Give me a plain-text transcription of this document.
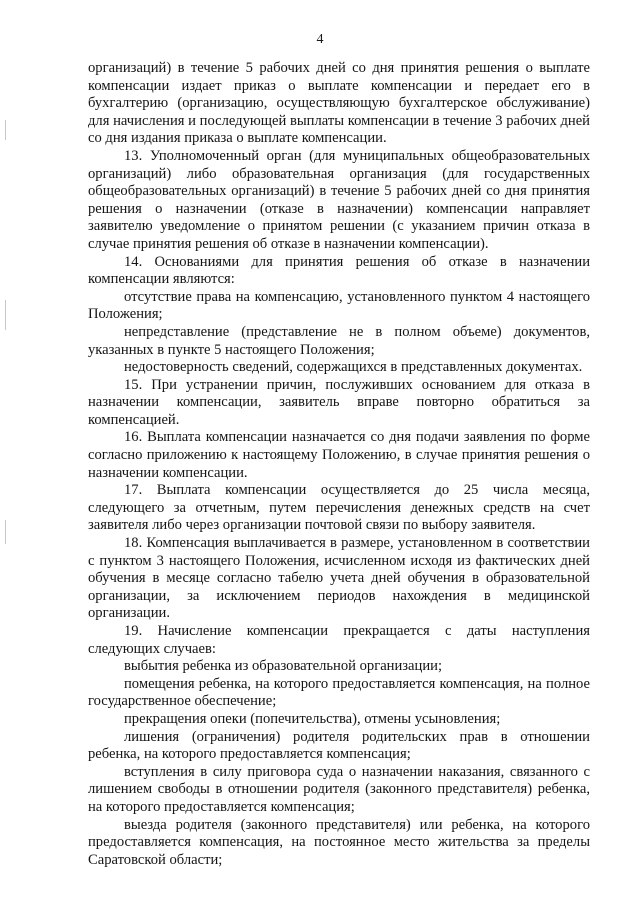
4

организаций) в течение 5 рабочих дней со дня принятия решения о выплате компенсации издает приказ о выплате компенсации и передает его в бухгалтерию (организацию, осуществляющую бухгалтерское обслуживание) для начисления и последующей выплаты компенсации в течение 3 рабочих дней со дня издания приказа о выплате компенсации.

13. Уполномоченный орган (для муниципальных общеобразовательных организаций) либо образовательная организация (для государственных общеобразовательных организаций) в течение 5 рабочих дней со дня принятия решения о назначении (отказе в назначении) компенсации направляет заявителю уведомление о принятом решении (с указанием причин отказа в случае принятия решения об отказе в назначении компенсации).

14. Основаниями для принятия решения об отказе в назначении компенсации являются:

отсутствие права на компенсацию, установленного пунктом 4 настоящего Положения;

непредставление (представление не в полном объеме) документов, указанных в пункте 5 настоящего Положения;

недостоверность сведений, содержащихся в представленных документах.

15. При устранении причин, послуживших основанием для отказа в назначении компенсации, заявитель вправе повторно обратиться за компенсацией.

16. Выплата компенсации назначается со дня подачи заявления по форме согласно приложению к настоящему Положению, в случае принятия решения о назначении компенсации.

17. Выплата компенсации осуществляется до 25 числа месяца, следующего за отчетным, путем перечисления денежных средств на счет заявителя либо через организации почтовой связи по выбору заявителя.

18. Компенсация выплачивается в размере, установленном в соответствии с пунктом 3 настоящего Положения, исчисленном исходя из фактических дней обучения в месяце согласно табелю учета дней обучения в образовательной организации, за исключением периодов нахождения в медицинской организации.

19. Начисление компенсации прекращается с даты наступления следующих случаев:

выбытия ребенка из образовательной организации;

помещения ребенка, на которого предоставляется компенсация, на полное государственное обеспечение;

прекращения опеки (попечительства), отмены усыновления;

лишения (ограничения) родителя родительских прав в отношении ребенка, на которого предоставляется компенсация;

вступления в силу приговора суда о назначении наказания, связанного с лишением свободы в отношении родителя (законного представителя) ребенка, на которого предоставляется компенсация;

выезда родителя (законного представителя) или ребенка, на которого предоставляется компенсация, на постоянное место жительства за пределы Саратовской области;
